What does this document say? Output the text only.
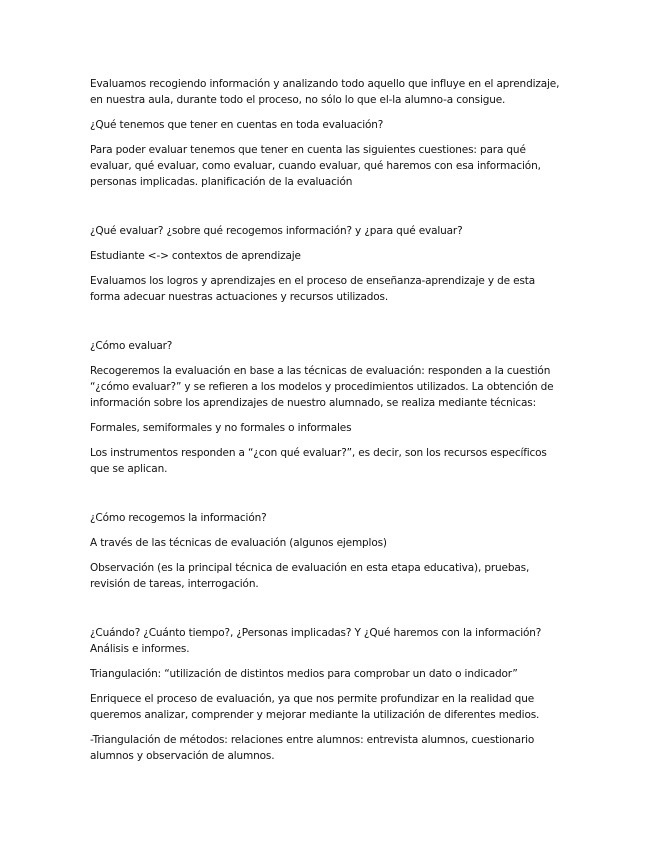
Evaluamos recogiendo información y analizando todo aquello que influye en el aprendizaje, en nuestra aula, durante todo el proceso, no sólo lo que el-la alumno-a consigue.

¿Qué tenemos que tener en cuentas en toda evaluación?

Para poder evaluar tenemos que tener en cuenta las siguientes cuestiones: para qué evaluar, qué evaluar, como evaluar, cuando evaluar, qué haremos con esa información, personas implicadas. planificación de la evaluación

¿Qué evaluar? ¿sobre qué recogemos información? y ¿para qué evaluar?

Estudiante <-> contextos de aprendizaje

Evaluamos los logros y aprendizajes en el proceso de enseñanza-aprendizaje y de esta forma adecuar nuestras actuaciones y recursos utilizados.

¿Cómo evaluar?

Recogeremos la evaluación en base a las técnicas de evaluación: responden a la cuestión “¿cómo evaluar?” y se refieren a los modelos y procedimientos utilizados. La obtención de información sobre los aprendizajes de nuestro alumnado, se realiza mediante técnicas:

Formales, semiformales y no formales o informales

Los instrumentos responden a “¿con qué evaluar?”, es decir, son los recursos específicos que se aplican.

¿Cómo recogemos la información?

A través de las técnicas de evaluación (algunos ejemplos)

Observación (es la principal técnica de evaluación en esta etapa educativa), pruebas, revisión de tareas, interrogación.

¿Cuándo? ¿Cuánto tiempo?, ¿Personas implicadas? Y ¿Qué haremos con la información? Análisis e informes.

Triangulación: “utilización de distintos medios para comprobar un dato o indicador”

Enriquece el proceso de evaluación, ya que nos permite profundizar en la realidad que queremos analizar, comprender y mejorar mediante la utilización de diferentes medios.

-Triangulación de métodos: relaciones entre alumnos: entrevista alumnos, cuestionario alumnos y observación de alumnos.
